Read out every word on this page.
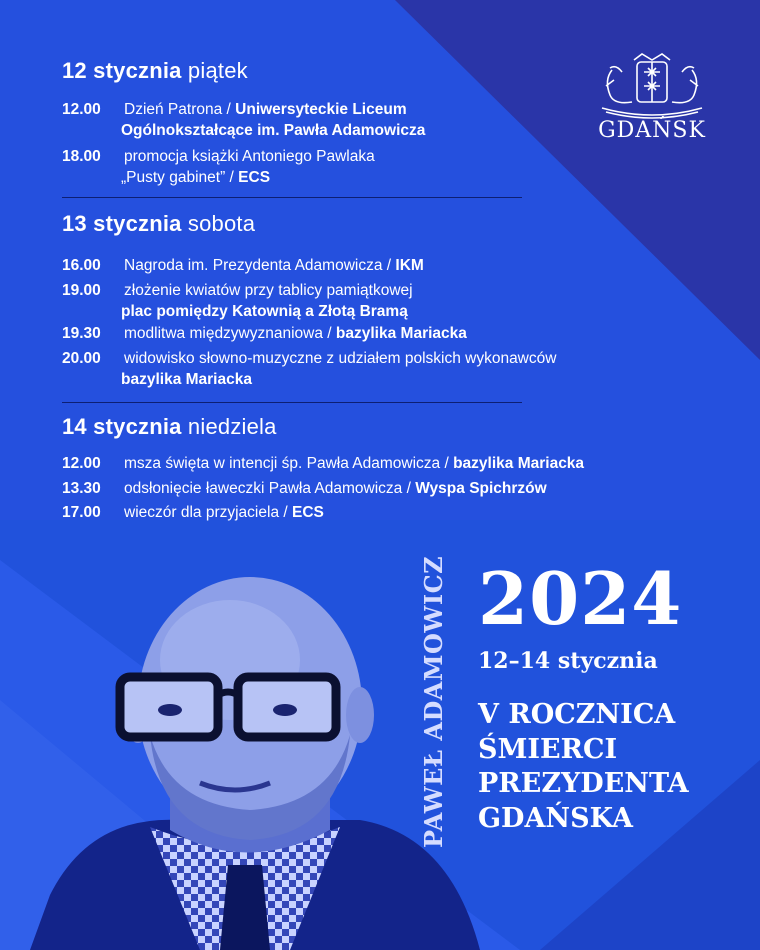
GDAŃSK
12 stycznia piątek
12.00 Dzień Patrona / Uniwersyteckie Liceum
Ogólnokształcące im. Pawła Adamowicza
18.00 promocja książki Antoniego Pawlaka
„Pusty gabinet” / ECS
13 stycznia sobota
16.00 Nagroda im. Prezydenta Adamowicza / IKM
19.00 złożenie kwiatów przy tablicy pamiątkowej
plac pomiędzy Katownią a Złotą Bramą
19.30 modlitwa międzywyznaniowa / bazylika Mariacka
20.00 widowisko słowno-muzyczne z udziałem polskich wykonawców
bazylika Mariacka
14 stycznia niedziela
12.00 msza święta w intencji śp. Pawła Adamowicza / bazylika Mariacka
13.30 odsłonięcie ławeczki Pawła Adamowicza / Wyspa Spichrzów
17.00 wieczór dla przyjaciela / ECS
PAWEŁ ADAMOWICZ 2024
12–14 stycznia
V ROCZNICA
ŚMIERCI
PREZYDENTA
GDAŃSKA
